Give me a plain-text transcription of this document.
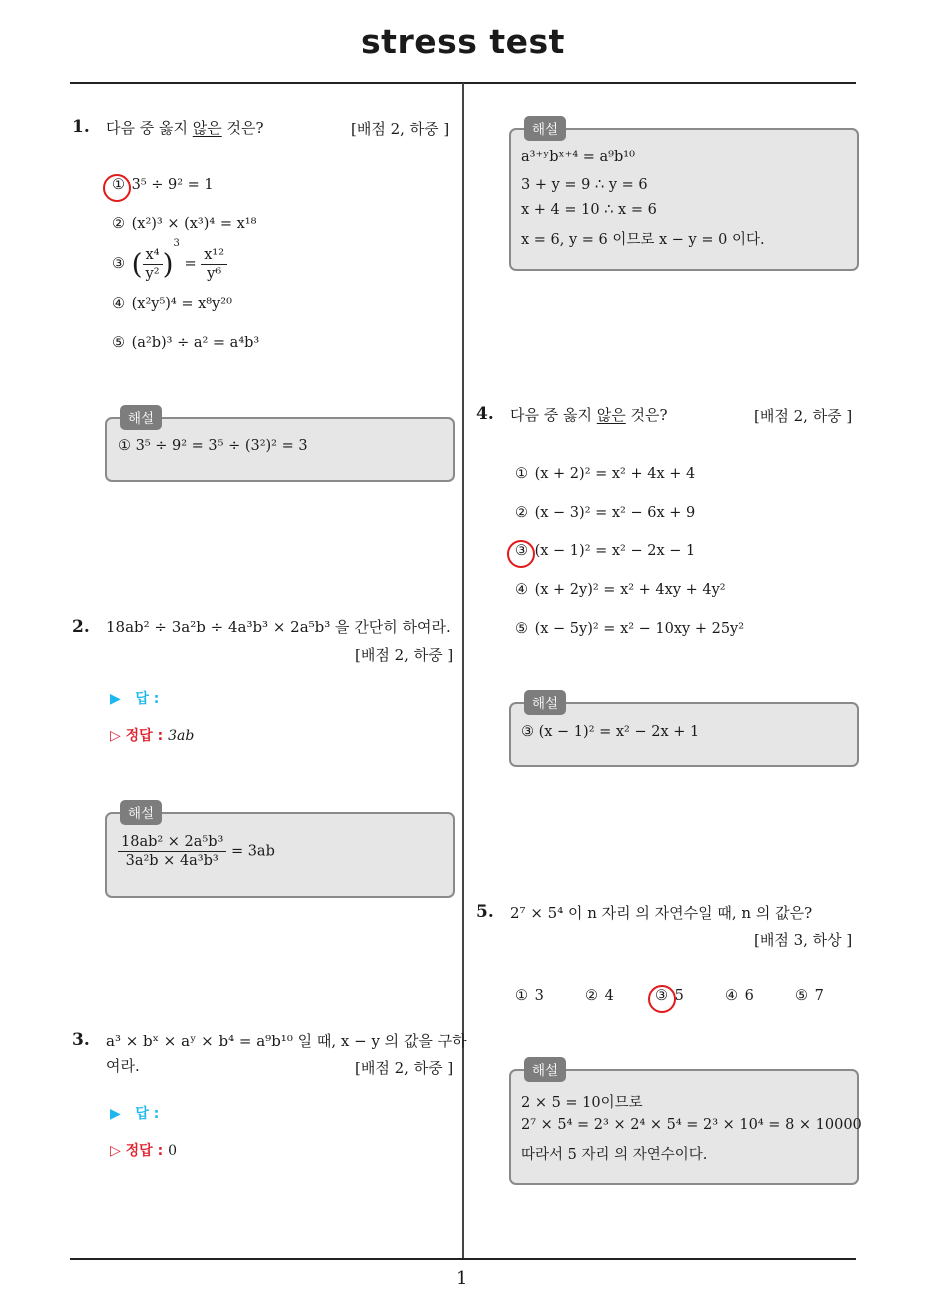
stress test
1. 다음 중 옳지 않은 것은?	[배점 2, 하중 ]
① 3⁵ ÷ 9² = 1
② (x²)³ × (x³)⁴ = x¹⁸
③ ( $\frac{\text{x⁴}}{\text{y²}} )^3 = \frac{\text{x¹²}}{\text{y⁶}}$
④ (x²y⁵)⁴ = x⁸y²⁰
⑤ (a²b)³ ÷ a² = a⁴b³
해설
① 3⁵ ÷ 9² = 3⁵ ÷ (3²)² = 3
2. 18ab² ÷ 3a²b ÷ 4a³b³ × 2a⁵b³ 을 간단히 하여라.
[배점 2, 하중 ]
▶ 답 :
▷ 정답 : 3ab
해설
$\frac{\text{18ab² × 2a⁵b³}}{\text{3a²b × 4a³b³}} = 3ab$
3. a³ × bˣ × aʸ × b⁴ = a⁹b¹⁰ 일 때, x − y 의 값을 구하
여라.	[배점 2, 하중 ]
▶ 답 :
▷ 정답 : 0
해설
a³⁺ʸbˣ⁺⁴ = a⁹b¹⁰
3 + y = 9 ∴ y = 6
x + 4 = 10 ∴ x = 6
x = 6, y = 6 이므로 x − y = 0 이다.
4. 다음 중 옳지 않은 것은?	[배점 2, 하중 ]
① (x + 2)² = x² + 4x + 4
② (x − 3)² = x² − 6x + 9
③ (x − 1)² = x² − 2x − 1
④ (x + 2y)² = x² + 4xy + 4y²
⑤ (x − 5y)² = x² − 10xy + 25y²
해설
③ (x − 1)² = x² − 2x + 1
5. 2⁷ × 5⁴ 이 n 자리 의 자연수일 때, n 의 값은?
[배점 3, 하상 ]
① 3	② 4	③ 5	④ 6	⑤ 7
해설
2 × 5 = 10이므로
2⁷ × 5⁴ = 2³ × 2⁴ × 5⁴ = 2³ × 10⁴ = 8 × 10000
따라서 5 자리 의 자연수이다.
1
